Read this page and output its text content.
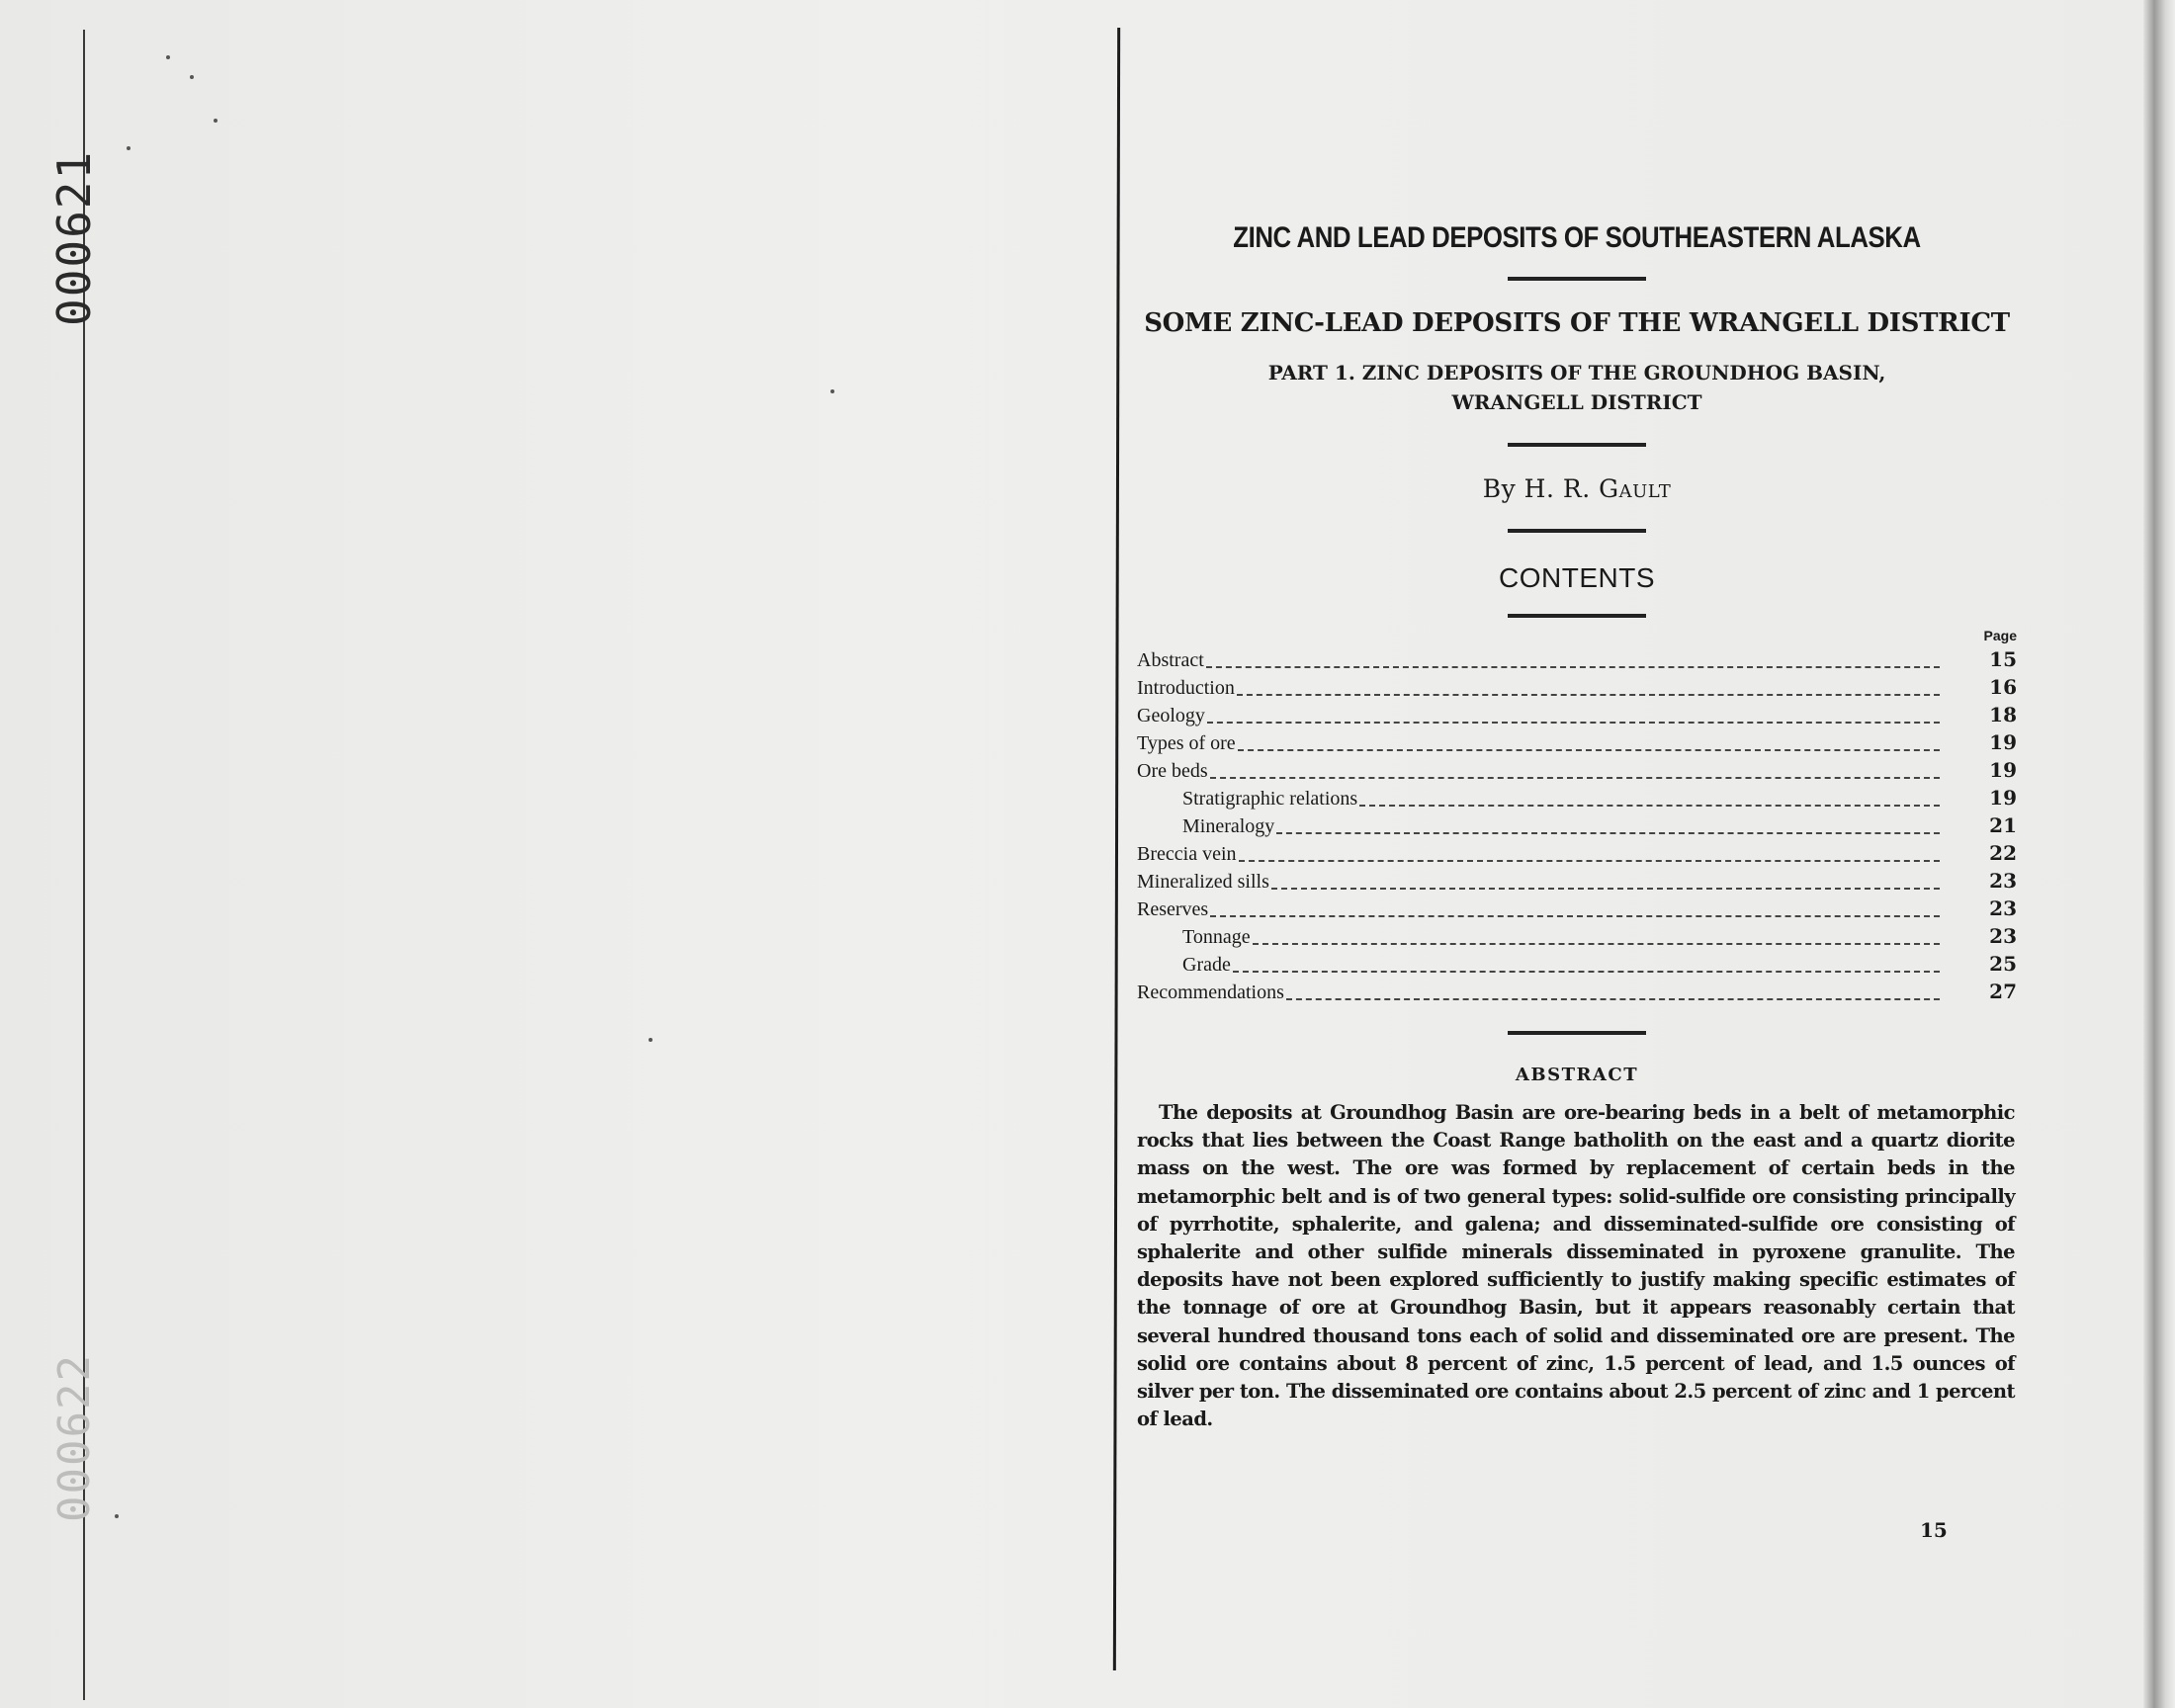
000621
000622
ZINC AND LEAD DEPOSITS OF SOUTHEASTERN ALASKA
SOME ZINC-LEAD DEPOSITS OF THE WRANGELL DISTRICT
PART 1. ZINC DEPOSITS OF THE GROUNDHOG BASIN,
WRANGELL DISTRICT
By H. R. Gault
CONTENTS
Page
Abstract	15
Introduction	16
Geology	18
Types of ore	19
Ore beds	19
Stratigraphic relations	19
Mineralogy	21
Breccia vein	22
Mineralized sills	23
Reserves	23
Tonnage	23
Grade	25
Recommendations	27
ABSTRACT
The deposits at Groundhog Basin are ore-bearing beds in a belt of metamorphic rocks that lies between the Coast Range batholith on the east and a quartz diorite mass on the west. The ore was formed by replacement of certain beds in the metamorphic belt and is of two general types: solid-sulfide ore consisting principally of pyrrhotite, sphalerite, and galena; and disseminated-sulfide ore consisting of sphalerite and other sulfide minerals disseminated in pyroxene granulite. The deposits have not been explored sufficiently to justify making specific estimates of the tonnage of ore at Groundhog Basin, but it appears reasonably certain that several hundred thousand tons each of solid and disseminated ore are present. The solid ore contains about 8 percent of zinc, 1.5 percent of lead, and 1.5 ounces of silver per ton. The disseminated ore contains about 2.5 percent of zinc and 1 percent of lead.
15
